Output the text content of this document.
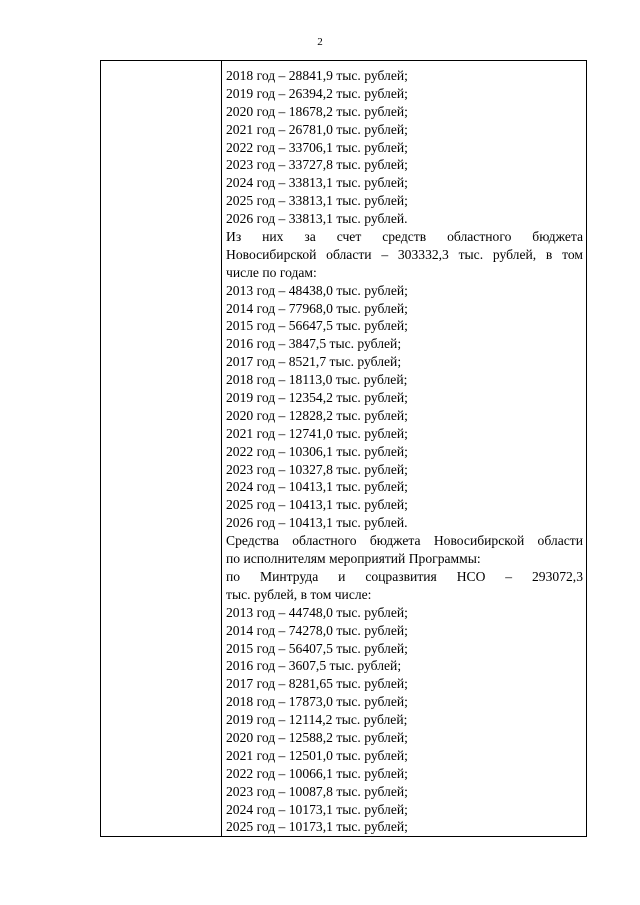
2
2018 год – 28841,9 тыс. рублей;
2019 год – 26394,2 тыс. рублей;
2020 год – 18678,2 тыс. рублей;
2021 год – 26781,0 тыс. рублей;
2022 год – 33706,1 тыс. рублей;
2023 год – 33727,8 тыс. рублей;
2024 год – 33813,1 тыс. рублей;
2025 год – 33813,1 тыс. рублей;
2026 год – 33813,1 тыс. рублей.
Из них за счет средств областного бюджета
Новосибирской области – 303332,3 тыс. рублей, в том
числе по годам:
2013 год – 48438,0 тыс. рублей;
2014 год – 77968,0 тыс. рублей;
2015 год – 56647,5 тыс. рублей;
2016 год – 3847,5 тыс. рублей;
2017 год – 8521,7 тыс. рублей;
2018 год – 18113,0 тыс. рублей;
2019 год – 12354,2 тыс. рублей;
2020 год – 12828,2 тыс. рублей;
2021 год – 12741,0 тыс. рублей;
2022 год – 10306,1 тыс. рублей;
2023 год – 10327,8 тыс. рублей;
2024 год – 10413,1 тыс. рублей;
2025 год – 10413,1 тыс. рублей;
2026 год – 10413,1 тыс. рублей.
Средства областного бюджета Новосибирской области
по исполнителям мероприятий Программы:
по Минтруда и соцразвития НСО – 293072,3
тыс. рублей, в том числе:
2013 год – 44748,0 тыс. рублей;
2014 год – 74278,0 тыс. рублей;
2015 год – 56407,5 тыс. рублей;
2016 год – 3607,5 тыс. рублей;
2017 год – 8281,65 тыс. рублей;
2018 год – 17873,0 тыс. рублей;
2019 год – 12114,2 тыс. рублей;
2020 год – 12588,2 тыс. рублей;
2021 год – 12501,0 тыс. рублей;
2022 год – 10066,1 тыс. рублей;
2023 год – 10087,8 тыс. рублей;
2024 год – 10173,1 тыс. рублей;
2025 год – 10173,1 тыс. рублей;
